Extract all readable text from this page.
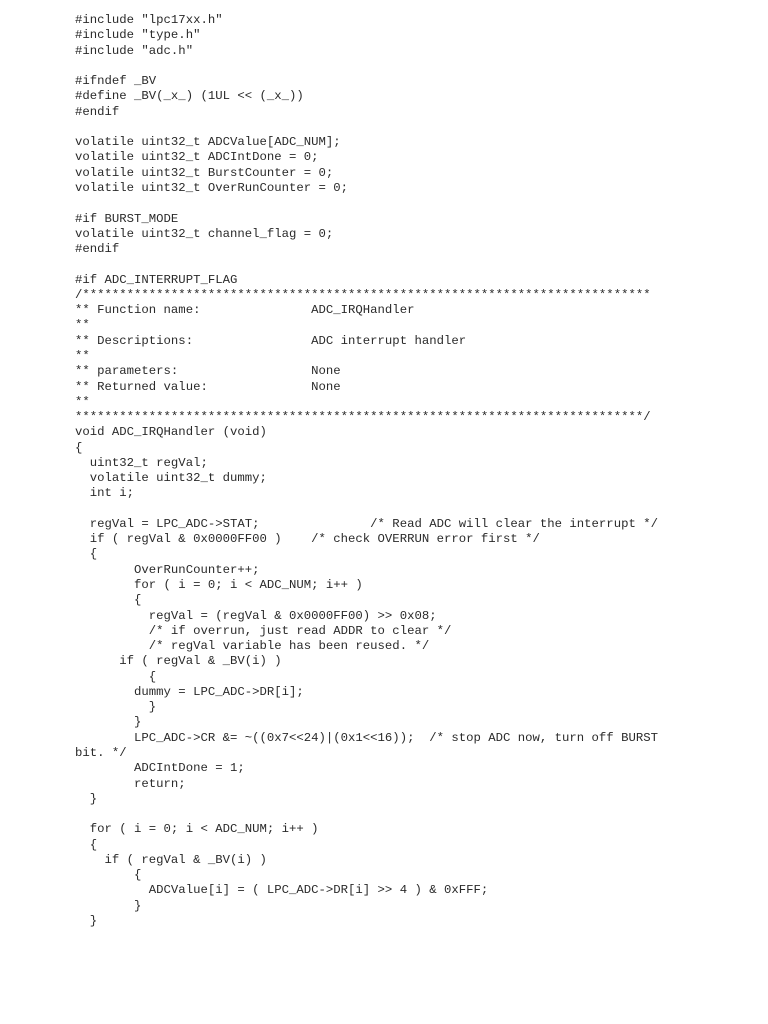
#include "lpc17xx.h"
#include "type.h"
#include "adc.h"
#ifndef _BV
#define _BV(_x_) (1UL << (_x_))
#endif
volatile uint32_t ADCValue[ADC_NUM];
volatile uint32_t ADCIntDone = 0;
volatile uint32_t BurstCounter = 0;
volatile uint32_t OverRunCounter = 0;
#if BURST_MODE
volatile uint32_t channel_flag = 0;
#endif
#if ADC_INTERRUPT_FLAG
/*****************************************************************************
** Function name:               ADC_IRQHandler
**
** Descriptions:                ADC interrupt handler
**
** parameters:                  None
** Returned value:              None
**
*****************************************************************************/
void ADC_IRQHandler (void)
{
uint32_t regVal;
volatile uint32_t dummy;
int i;
regVal = LPC_ADC->STAT;               /* Read ADC will clear the interrupt */
if ( regVal & 0x0000FF00 )    /* check OVERRUN error first */
{
OverRunCounter++;
for ( i = 0; i < ADC_NUM; i++ )
{
regVal = (regVal & 0x0000FF00) >> 0x08;
/* if overrun, just read ADDR to clear */
/* regVal variable has been reused. */
if ( regVal & _BV(i) )
{
dummy = LPC_ADC->DR[i];
}
}
LPC_ADC->CR &= ~((0x7<<24)|(0x1<<16));  /* stop ADC now, turn off BURST
bit. */
ADCIntDone = 1;
return;
}
for ( i = 0; i < ADC_NUM; i++ )
{
if ( regVal & _BV(i) )
{
ADCValue[i] = ( LPC_ADC->DR[i] >> 4 ) & 0xFFF;
}
}
